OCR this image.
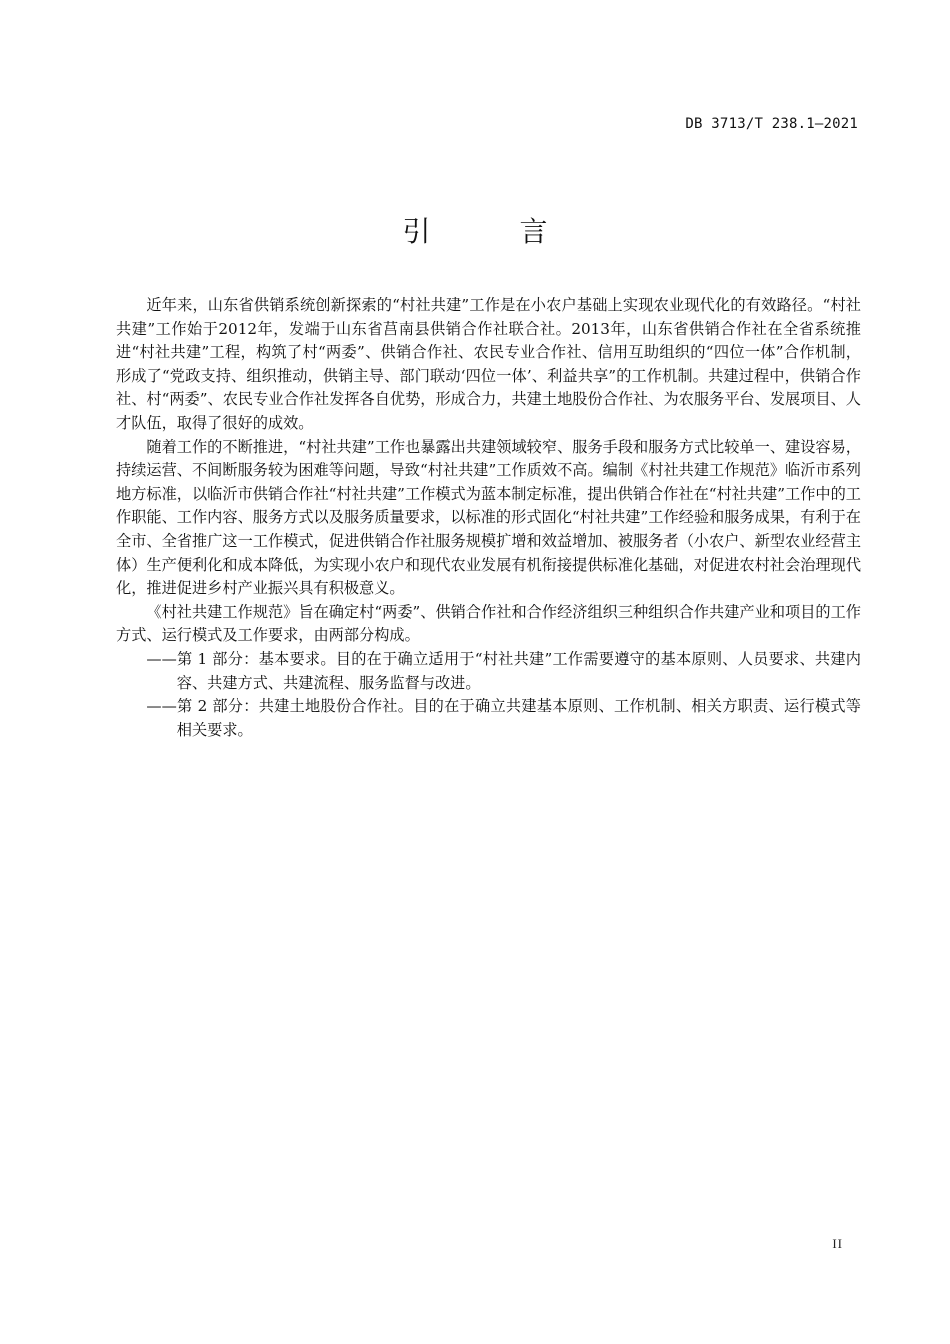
DB 3713/T 238.1—2021
引 言

近年来，山东省供销系统创新探索的“村社共建”工作是在小农户基础上实现农业现代化的有效路径。“村社共建”工作始于2012年，发端于山东省莒南县供销合作社联合社。2013年，山东省供销合作社在全省系统推进“村社共建”工程，构筑了村“两委”、供销合作社、农民专业合作社、信用互助组织的“四位一体”合作机制，形成了“党政支持、组织推动，供销主导、部门联动‘四位一体’、利益共享”的工作机制。共建过程中，供销合作社、村“两委”、农民专业合作社发挥各自优势，形成合力，共建土地股份合作社、为农服务平台、发展项目、人才队伍，取得了很好的成效。

随着工作的不断推进，“村社共建”工作也暴露出共建领域较窄、服务手段和服务方式比较单一、建设容易，持续运营、不间断服务较为困难等问题，导致“村社共建”工作质效不高。编制《村社共建工作规范》临沂市系列地方标准，以临沂市供销合作社“村社共建”工作模式为蓝本制定标准，提出供销合作社在“村社共建”工作中的工作职能、工作内容、服务方式以及服务质量要求，以标准的形式固化“村社共建”工作经验和服务成果，有利于在全市、全省推广这一工作模式，促进供销合作社服务规模扩增和效益增加、被服务者（小农户、新型农业经营主体）生产便利化和成本降低，为实现小农户和现代农业发展有机衔接提供标准化基础，对促进农村社会治理现代化，推进促进乡村产业振兴具有积极意义。

《村社共建工作规范》旨在确定村“两委”、供销合作社和合作经济组织三种组织合作共建产业和项目的工作方式、运行模式及工作要求，由两部分构成。

——第 1 部分：基本要求。目的在于确立适用于“村社共建”工作需要遵守的基本原则、人员要求、共建内容、共建方式、共建流程、服务监督与改进。

——第 2 部分：共建土地股份合作社。目的在于确立共建基本原则、工作机制、相关方职责、运行模式等相关要求。

II
